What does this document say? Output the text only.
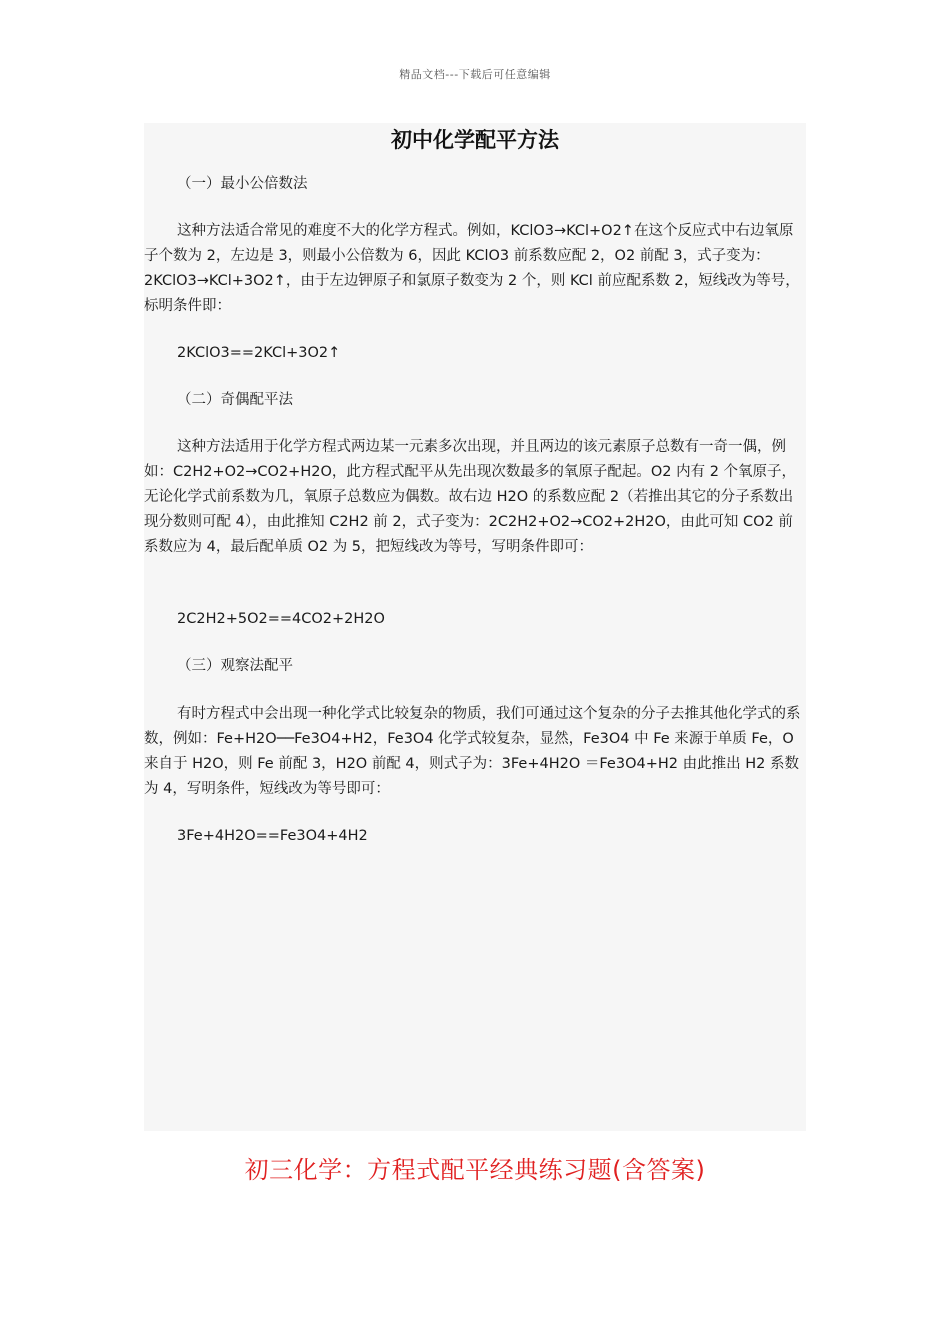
精品文档---下载后可任意编辑
初中化学配平方法
（一）最小公倍数法

这种方法适合常见的难度不大的化学方程式。例如，KClO3→KCl+O2↑在这个反应式中右边氧原子个数为 2，左边是 3，则最小公倍数为 6，因此 KClO3 前系数应配 2，O2 前配 3，式子变为：2KClO3→KCl+3O2↑，由于左边钾原子和氯原子数变为 2 个，则 KCl 前应配系数 2，短线改为等号，标明条件即：

2KClO3==2KCl+3O2↑
（二）奇偶配平法

这种方法适用于化学方程式两边某一元素多次出现，并且两边的该元素原子总数有一奇一偶，例如：C2H2+O2→CO2+H2O，此方程式配平从先出现次数最多的氧原子配起。O2 内有 2 个氧原子，无论化学式前系数为几，氧原子总数应为偶数。故右边 H2O 的系数应配 2（若推出其它的分子系数出现分数则可配 4），由此推知 C2H2 前 2，式子变为：2C2H2+O2→CO2+2H2O，由此可知 CO2 前系数应为 4，最后配单质 O2 为 5，把短线改为等号，写明条件即可：

2C2H2+5O2==4CO2+2H2O
（三）观察法配平

有时方程式中会出现一种化学式比较复杂的物质，我们可通过这个复杂的分子去推其他化学式的系数，例如：Fe+H2O──Fe3O4+H2，Fe3O4 化学式较复杂，显然，Fe3O4 中 Fe 来源于单质 Fe，O 来自于 H2O，则 Fe 前配 3，H2O 前配 4，则式子为：3Fe+4H2O ＝Fe3O4+H2 由此推出 H2 系数为 4，写明条件，短线改为等号即可：

3Fe+4H2O==Fe3O4+4H2
初三化学：方程式配平经典练习题(含答案)
